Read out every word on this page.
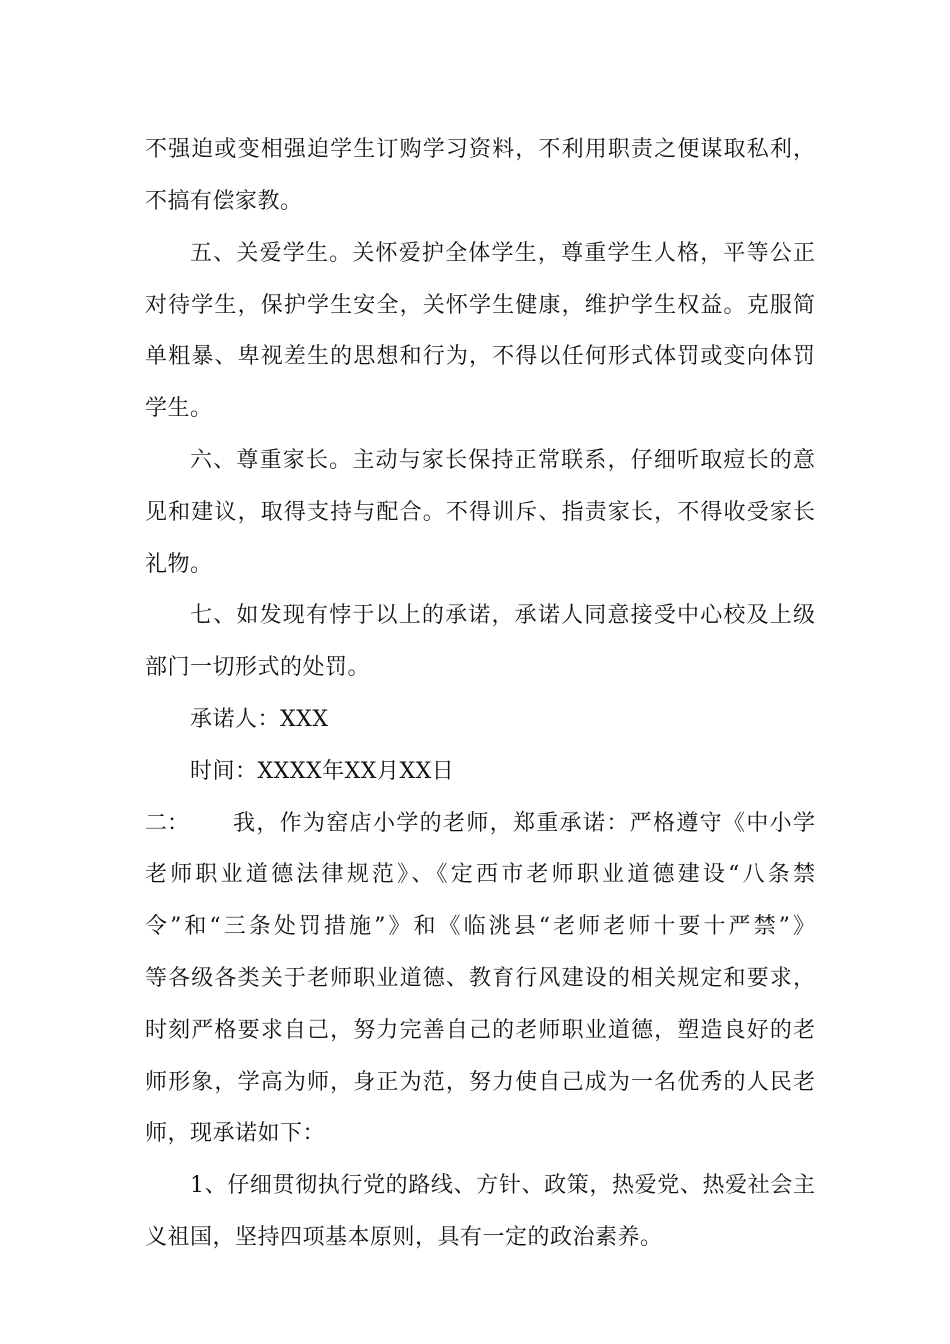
不强迫或变相强迫学生订购学习资料，不利用职责之便谋取私利，
不搞有偿家教。
五、关爱学生。关怀爱护全体学生，尊重学生人格，平等公正
对待学生，保护学生安全，关怀学生健康，维护学生权益。克服简
单粗暴、卑视差生的思想和行为，不得以任何形式体罚或变向体罚
学生。
六、尊重家长。主动与家长保持正常联系，仔细听取痘长的意
见和建议，取得支持与配合。不得训斥、指责家长，不得收受家长
礼物。
七、如发现有悖于以上的承诺，承诺人同意接受中心校及上级
部门一切形式的处罚。
承诺人：XXX
时间：XXXX年XX月XX日
二： 我，作为窑店小学的老师，郑重承诺：严格遵守《中小学
老师职业道德法律规范》、《定西市老师职业道德建设“八条禁
令”和“三条处罚措施”》和《临洮县“老师老师十要十严禁”》
等各级各类关于老师职业道德、教育行风建设的相关规定和要求，
时刻严格要求自己，努力完善自己的老师职业道德，塑造良好的老
师形象，学高为师，身正为范，努力使自己成为一名优秀的人民老
师，现承诺如下：
1、仔细贯彻执行党的路线、方针、政策，热爱党、热爱社会主
义祖国，坚持四项基本原则，具有一定的政治素养。
